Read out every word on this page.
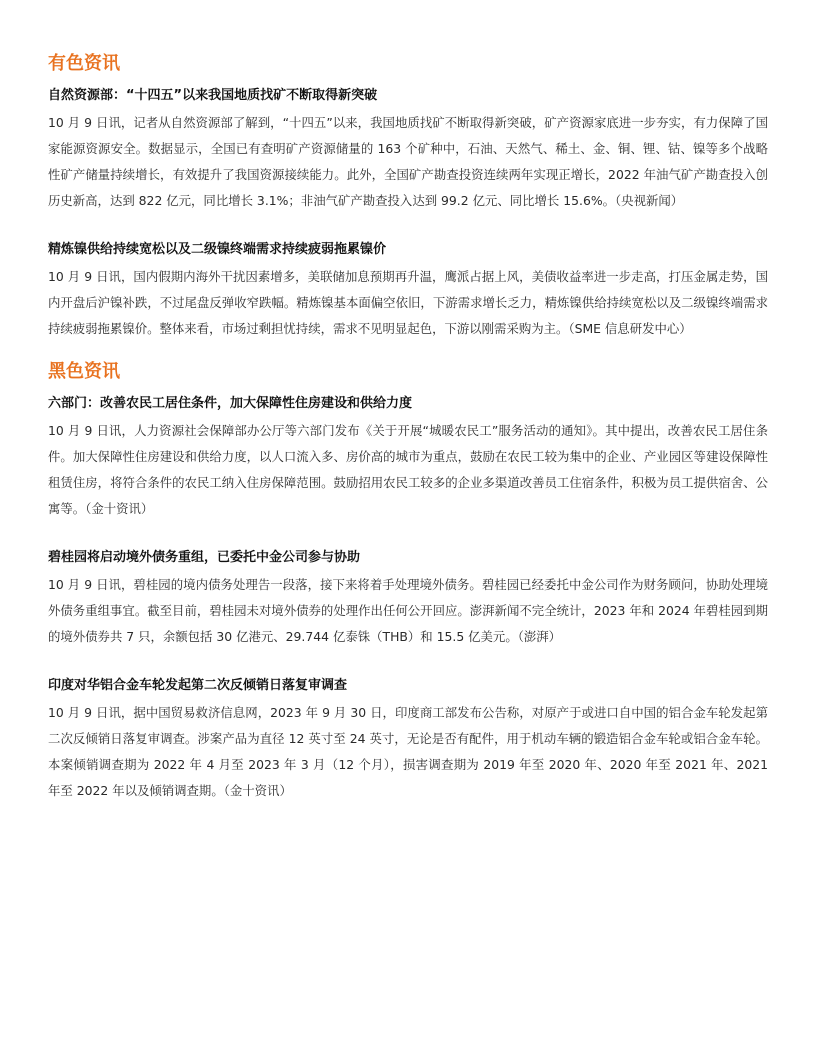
有色资讯
自然资源部：“十四五”以来我国地质找矿不断取得新突破

10 月 9 日讯，记者从自然资源部了解到，“十四五”以来，我国地质找矿不断取得新突破，矿产资源家底进一步夯实，有力保障了国家能源资源安全。数据显示，全国已有查明矿产资源储量的 163 个矿种中，石油、天然气、稀土、金、铜、锂、钴、镍等多个战略性矿产储量持续增长，有效提升了我国资源接续能力。此外，全国矿产勘查投资连续两年实现正增长，2022 年油气矿产勘查投入创历史新高，达到 822 亿元，同比增长 3.1%；非油气矿产勘查投入达到 99.2 亿元、同比增长 15.6%。（央视新闻）

精炼镍供给持续宽松以及二级镍终端需求持续疲弱拖累镍价

10 月 9 日讯，国内假期内海外干扰因素增多，美联储加息预期再升温，鹰派占据上风，美债收益率进一步走高，打压金属走势，国内开盘后沪镍补跌，不过尾盘反弹收窄跌幅。精炼镍基本面偏空依旧，下游需求增长乏力，精炼镍供给持续宽松以及二级镍终端需求持续疲弱拖累镍价。整体来看，市场过剩担忧持续，需求不见明显起色，下游以刚需采购为主。（SME 信息研发中心）

黑色资讯
六部门：改善农民工居住条件，加大保障性住房建设和供给力度

10 月 9 日讯，人力资源社会保障部办公厅等六部门发布《关于开展“城暖农民工”服务活动的通知》。其中提出，改善农民工居住条件。加大保障性住房建设和供给力度，以人口流入多、房价高的城市为重点，鼓励在农民工较为集中的企业、产业园区等建设保障性租赁住房，将符合条件的农民工纳入住房保障范围。鼓励招用农民工较多的企业多渠道改善员工住宿条件，积极为员工提供宿舍、公寓等。（金十资讯）

碧桂园将启动境外债务重组，已委托中金公司参与协助

10 月 9 日讯，碧桂园的境内债务处理告一段落，接下来将着手处理境外债务。碧桂园已经委托中金公司作为财务顾问，协助处理境外债务重组事宜。截至目前，碧桂园未对境外债券的处理作出任何公开回应。澎湃新闻不完全统计，2023 年和 2024 年碧桂园到期的境外债券共 7 只，余额包括 30 亿港元、29.744 亿泰铢（THB）和 15.5 亿美元。（澎湃）

印度对华铝合金车轮发起第二次反倾销日落复审调查

10 月 9 日讯，据中国贸易救济信息网，2023 年 9 月 30 日，印度商工部发布公告称，对原产于或进口自中国的铝合金车轮发起第二次反倾销日落复审调查。涉案产品为直径 12 英寸至 24 英寸，无论是否有配件，用于机动车辆的锻造铝合金车轮或铝合金车轮。本案倾销调查期为 2022 年 4 月至 2023 年 3 月（12 个月），损害调查期为 2019 年至 2020 年、2020 年至 2021 年、2021 年至 2022 年以及倾销调查期。（金十资讯）
